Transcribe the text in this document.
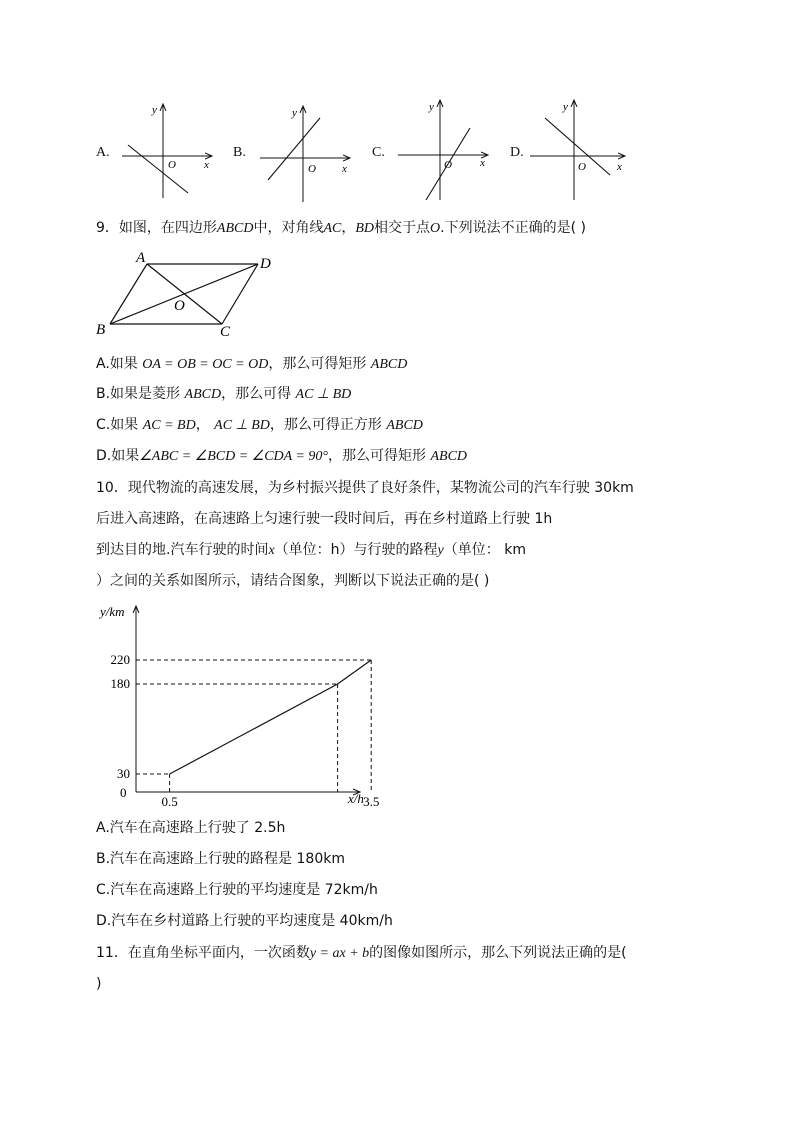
A.	B.	C.	D.
y
O	x
y
O x
y
O	x
y
O	x
9．如图，在四边形ABCD中，对角线AC，BD相交于点O.下列说法不正确的是( )
A	D
O
B	C
A.如果 OA = OB = OC = OD，那么可得矩形 ABCD
B.如果是菱形 ABCD，那么可得 AC ⊥ BD
C.如果 AC = BD， AC ⊥ BD，那么可得正方形 ABCD
D.如果∠ABC = ∠BCD = ∠CDA = 90°，那么可得矩形 ABCD
10．现代物流的高速发展，为乡村振兴提供了良好条件，某物流公司的汽车行驶 30km
后进入高速路，在高速路上匀速行驶一段时间后，再在乡村道路上行驶 1h
到达目的地.汽车行驶的时间x（单位：h）与行驶的路程y（单位： km
）之间的关系如图所示，请结合图象，判断以下说法正确的是( )
30
180
220
0.5	3.5
y/km
x/h
0
A.汽车在高速路上行驶了 2.5h
B.汽车在高速路上行驶的路程是 180km
C.汽车在高速路上行驶的平均速度是 72km/h
D.汽车在乡村道路上行驶的平均速度是 40km/h
11．在直角坐标平面内，一次函数y = ax + b的图像如图所示，那么下列说法正确的是(
)
